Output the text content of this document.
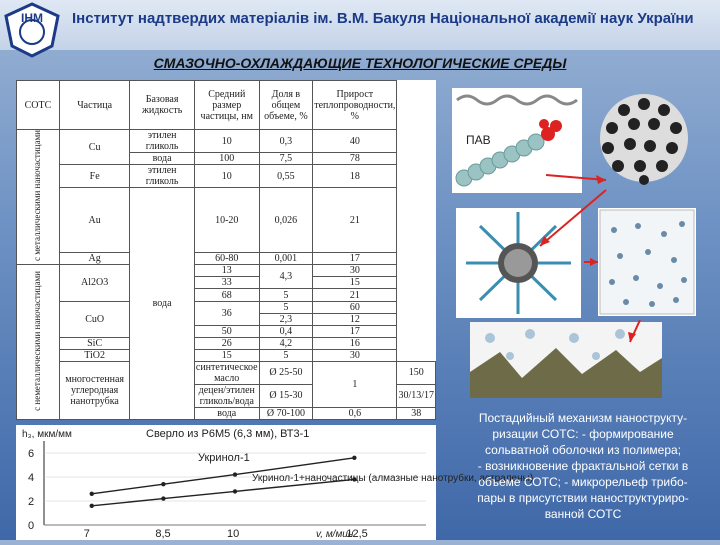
ІНМ Інститут надтвердих матеріалів ім. В.М. Бакуля Національної академії наук України
СМАЗОЧНО-ОХЛАЖДАЮЩИЕ ТЕХНОЛОГИЧЕСКИЕ СРЕДЫ
СОТС	Частица	Базовая жидкость	Средний размер частицы, нм	Доля в общем объеме, %	Прирост теплопроводности, %	
с металлическими наночастицами	Cu	этилен гликоль	10	0,3	40	
		вода	100	7,5	78	
	Fe	этилен гликоль	10	0,55	18	
	Au	вода	10-20	0,026	21	
	Ag		60-80	0,001	17	
с неметаллическими наночастицами	Al2O3		13	4,3	30	
			33		15	
			68	5	21	
	CuO		36	5	60	
				2,3	12	
			50	0,4	17	
	SiC		26	4,2	16	
	TiO2		15	5	30	
	многостенная углеродная нанотрубка		синтетическое масло	Ø 25-50	1	150
			децен/этилен гликоль/вода	Ø 15-30		30/13/17
			вода	Ø 70-100	0,6	38
h₃, мкм/мм	Сверло из Р6М5 (6,3 мм), ВТ3-1
v, м/мин
0
2
4
6
7	8,5	10	12,5
Укринол-1
Укринол-1+наночастицы (алмазные нанотрубки, астралены)
ПАВ
Постадийный механизм нанострукту-
ризации СОТС: - формирование
сольватной оболочки из полимера;
- возникновение фрактальной сетки в
объеме СОТС; - микрорельеф трибо-
пары в присутствии наноструктуриро-
ванной СОТС
